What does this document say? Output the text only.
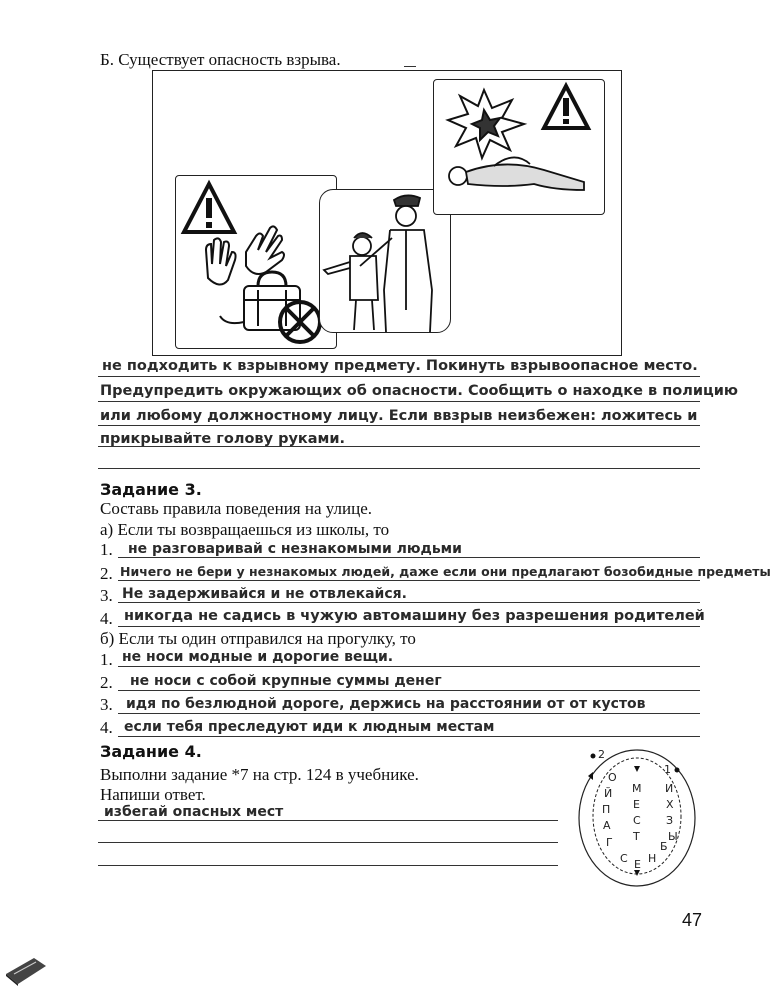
Б. Существует опасность взрыва.
не подходить к взрывному предмету. Покинуть взрывоопасное место.
Предупредить окружающих об опасности. Сообщить о находке в полицию
или любому должностному лицу. Если ввзрыв неизбежен: ложитесь и
прикрывайте голову руками.
Задание 3.
Составь правила поведения на улице.
а) Если ты возвращаешься из школы, то
1. не разговаривай с незнакомыми людьми
2. Ничего не бери у незнакомых людей, даже если они предлагают бозобидные предметы
3. Не задерживайся и не отвлекайся.
4. никогда не садись в чужую автомашину без разрешения родителей
б) Если ты один отправился на прогулку, то
1. не носи модные и дорогие вещи.
2. не носи с собой крупные суммы денег
3. идя по безлюдной дороге, держись на расстоянии от от кустов
4. если тебя преследуют иди к людным местам
Задание 4.
Выполни задание *7 на стр. 124 в учебнике.
Напиши ответ.
избегай опасных мест
2
1
О
Й
П
А
Г
М
Е
С
Т
И
Х
З
Ы
С Е Н
Б
47
